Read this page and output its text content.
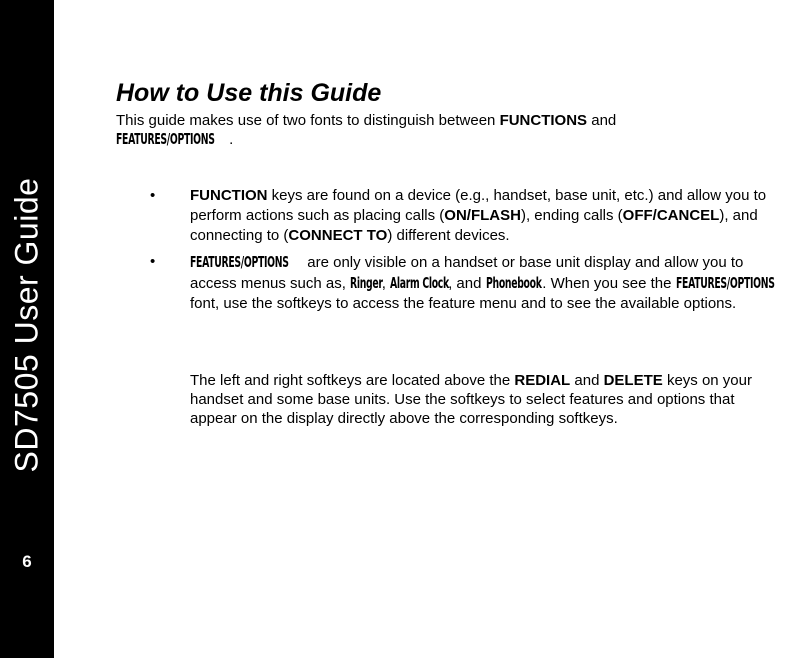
SD7505 User Guide
6
How to Use this Guide
This guide makes use of two fonts to distinguish between FUNCTIONS and
FEATURES/OPTIONS .
• FUNCTION keys are found on a device (e.g., handset, base unit, etc.) and allow you to perform actions such as placing calls (ON/FLASH), ending calls (OFF/CANCEL), and connecting to (CONNECT TO) different devices.
• FEATURES/OPTIONS are only visible on a handset or base unit display and allow you to access menus such as, Ringer, Alarm Clock, and Phonebook. When you see the FEATURES/OPTIONS font, use the softkeys to access the feature menu and to see the available options.
The left and right softkeys are located above the REDIAL and DELETE keys on your handset and some base units. Use the softkeys to select features and options that appear on the display directly above the corresponding softkeys.
